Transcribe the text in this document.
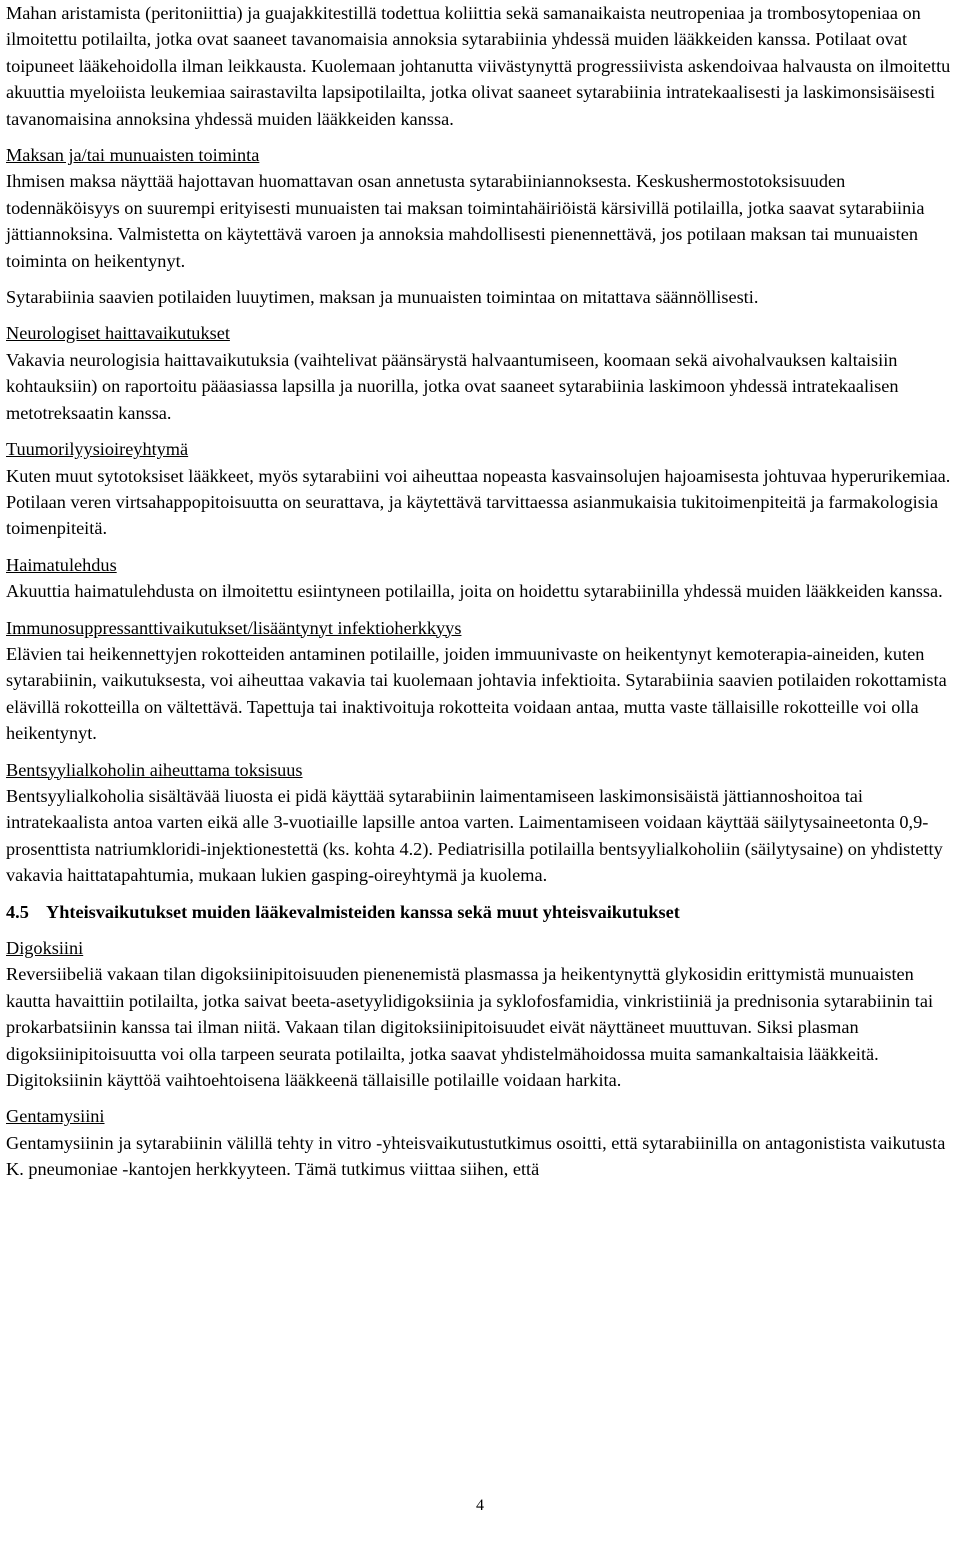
Mahan aristamista (peritoniittia) ja guajakkitestillä todettua koliittia sekä samanaikaista neutropeniaa ja trombosytopeniaa on ilmoitettu potilailta, jotka ovat saaneet tavanomaisia annoksia sytarabiinia yhdessä muiden lääkkeiden kanssa. Potilaat ovat toipuneet lääkehoidolla ilman leikkausta. Kuolemaan johtanutta viivästynyttä progressiivista askendoivaa halvausta on ilmoitettu akuuttia myeloiista leukemiaa sairastavilta lapsipotilailta, jotka olivat saaneet sytarabiinia intratekaalisesti ja laskimonsisäisesti tavanomaisina annoksina yhdessä muiden lääkkeiden kanssa.

Maksan ja/tai munuaisten toiminta

Ihmisen maksa näyttää hajottavan huomattavan osan annetusta sytarabiiniannoksesta. Keskushermostotoksisuuden todennäköisyys on suurempi erityisesti munuaisten tai maksan toimintahäiriöistä kärsivillä potilailla, jotka saavat sytarabiinia jättiannoksina. Valmistetta on käytettävä varoen ja annoksia mahdollisesti pienennettävä, jos potilaan maksan tai munuaisten toiminta on heikentynyt.

Sytarabiinia saavien potilaiden luuytimen, maksan ja munuaisten toimintaa on mitattava säännöllisesti.

Neurologiset haittavaikutukset

Vakavia neurologisia haittavaikutuksia (vaihtelivat päänsärystä halvaantumiseen, koomaan sekä aivohalvauksen kaltaisiin kohtauksiin) on raportoitu pääasiassa lapsilla ja nuorilla, jotka ovat saaneet sytarabiinia laskimoon yhdessä intratekaalisen metotreksaatin kanssa.

Tuumorilyysioireyhtymä

Kuten muut sytotoksiset lääkkeet, myös sytarabiini voi aiheuttaa nopeasta kasvainsolujen hajoamisesta johtuvaa hyperurikemiaa. Potilaan veren virtsahappopitoisuutta on seurattava, ja käytettävä tarvittaessa asianmukaisia tukitoimenpiteitä ja farmakologisia toimenpiteitä.

Haimatulehdus

Akuuttia haimatulehdusta on ilmoitettu esiintyneen potilailla, joita on hoidettu sytarabiinilla yhdessä muiden lääkkeiden kanssa.

Immunosuppressanttivaikutukset/lisääntynyt infektioherkkyys

Elävien tai heikennettyjen rokotteiden antaminen potilaille, joiden immuunivaste on heikentynyt kemoterapia-aineiden, kuten sytarabiinin, vaikutuksesta, voi aiheuttaa vakavia tai kuolemaan johtavia infektioita. Sytarabiinia saavien potilaiden rokottamista elävillä rokotteilla on vältettävä. Tapettuja tai inaktivoituja rokotteita voidaan antaa, mutta vaste tällaisille rokotteille voi olla heikentynyt.

Bentsyylialkoholin aiheuttama toksisuus

Bentsyylialkoholia sisältävää liuosta ei pidä käyttää sytarabiinin laimentamiseen laskimonsisäistä jättiannoshoitoa tai intratekaalista antoa varten eikä alle 3-vuotiaille lapsille antoa varten. Laimentamiseen voidaan käyttää säilytysaineetonta 0,9-prosenttista natriumkloridi-injektionestettä (ks. kohta 4.2). Pediatrisilla potilailla bentsyylialkoholiin (säilytysaine) on yhdistetty vakavia haittatapahtumia, mukaan lukien gasping-oireyhtymä ja kuolema.

4.5 Yhteisvaikutukset muiden lääkevalmisteiden kanssa sekä muut yhteisvaikutukset

Digoksiini

Reversiibeliä vakaan tilan digoksiinipitoisuuden pienenemistä plasmassa ja heikentynyttä glykosidin erittymistä munuaisten kautta havaittiin potilailta, jotka saivat beeta-asetyylidigoksiinia ja syklofosfamidia, vinkristiiniä ja prednisonia sytarabiinin tai prokarbatsiinin kanssa tai ilman niitä. Vakaan tilan digitoksiinipitoisuudet eivät näyttäneet muuttuvan. Siksi plasman digoksiinipitoisuutta voi olla tarpeen seurata potilailta, jotka saavat yhdistelmähoidossa muita samankaltaisia lääkkeitä. Digitoksiinin käyttöä vaihtoehtoisena lääkkeenä tällaisille potilaille voidaan harkita.

Gentamysiini

Gentamysiinin ja sytarabiinin välillä tehty in vitro -yhteisvaikutustutkimus osoitti, että sytarabiinilla on antagonistista vaikutusta K. pneumoniae -kantojen herkkyyteen. Tämä tutkimus viittaa siihen, että

4
